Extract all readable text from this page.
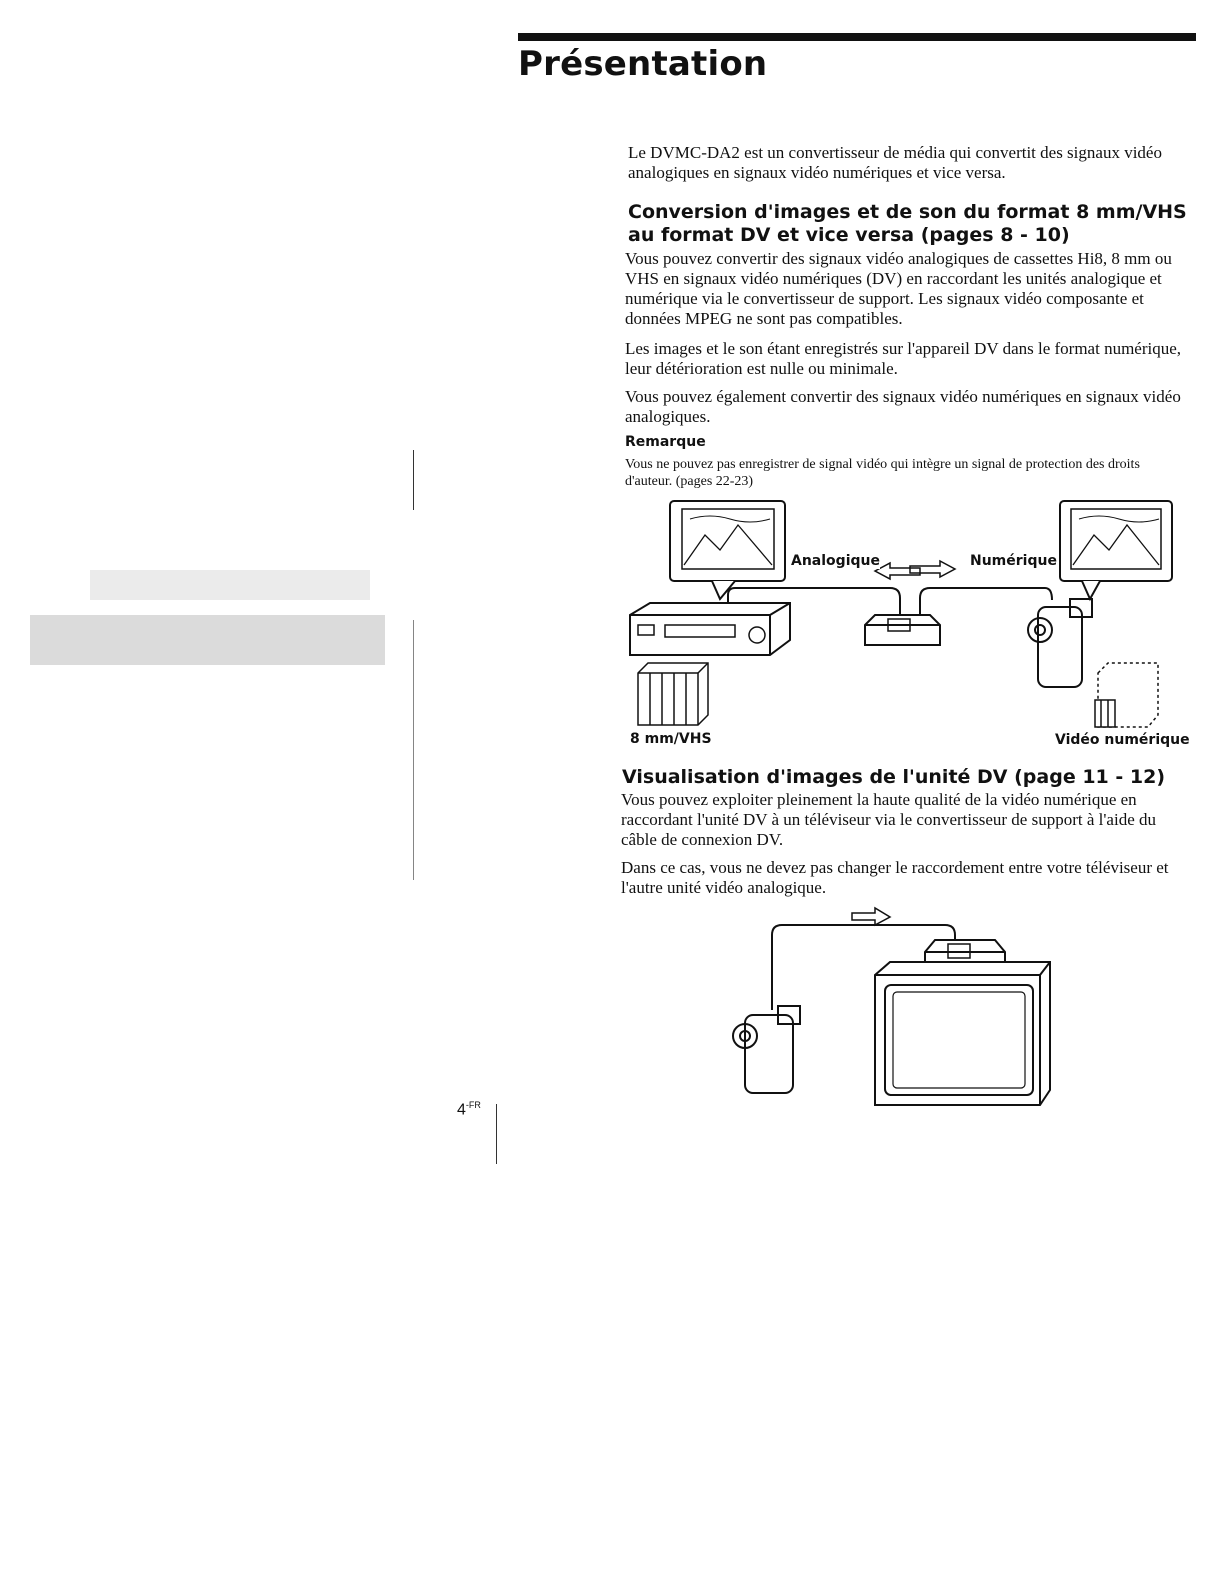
Présentation

Le DVMC-DA2 est un convertisseur de média qui convertit des signaux vidéo analogiques en signaux vidéo numériques et vice versa.

Conversion d'images et de son du format 8 mm/VHS au format DV et vice versa (pages 8 - 10)

Vous pouvez convertir des signaux vidéo analogiques de cassettes Hi8, 8 mm ou VHS en signaux vidéo numériques (DV) en raccordant les unités analogique et numérique via le convertisseur de support. Les signaux vidéo composante et données MPEG ne sont pas compatibles.

Les images et le son étant enregistrés sur l'appareil DV dans le format numérique, leur détérioration est nulle ou minimale.

Vous pouvez également convertir des signaux vidéo numériques en signaux vidéo analogiques.

Remarque

Vous ne pouvez pas enregistrer de signal vidéo qui intègre un signal de protection des droits d'auteur. (pages 22-23)

Analogique	Numérique

8 mm/VHS	Vidéo numérique

Visualisation d'images de l'unité DV (page 11 - 12)

Vous pouvez exploiter pleinement la haute qualité de la vidéo numérique en raccordant l'unité DV à un téléviseur via le convertisseur de support à l'aide du câble de connexion DV.

Dans ce cas, vous ne devez pas changer le raccordement entre votre téléviseur et l'autre unité vidéo analogique.

$4^{-FR}$
